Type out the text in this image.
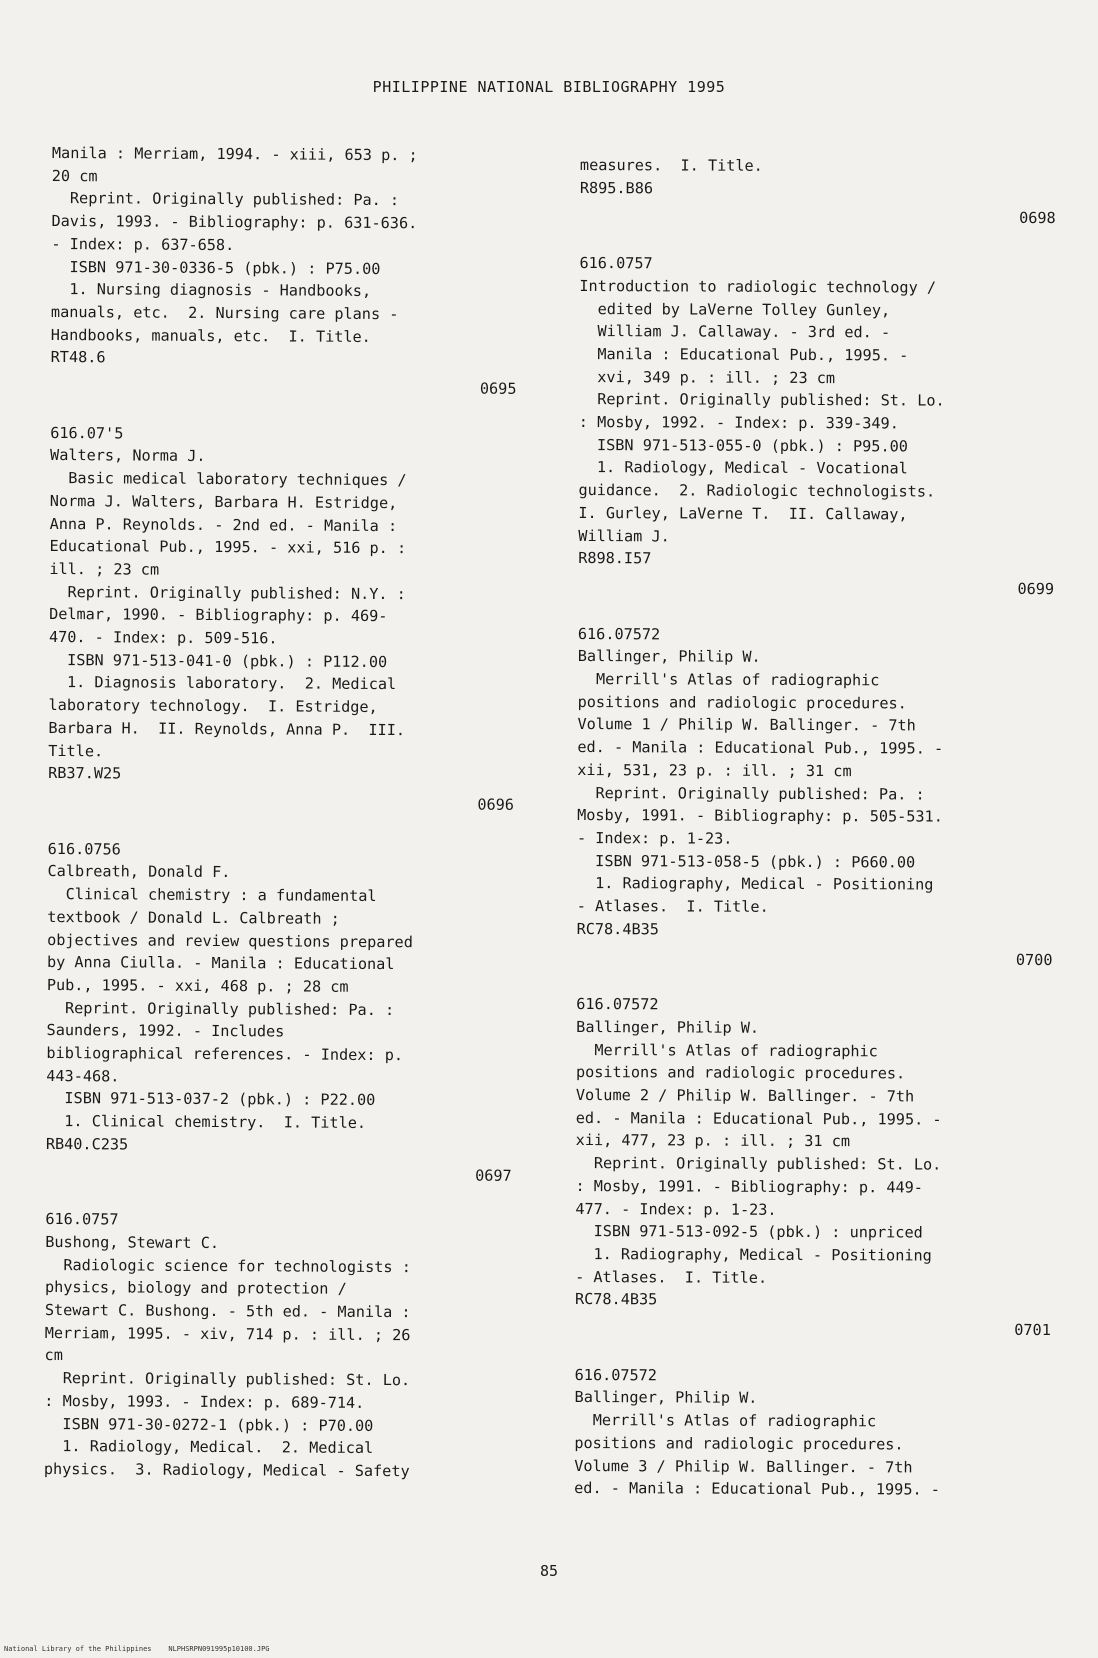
PHILIPPINE NATIONAL BIBLIOGRAPHY 1995
Manila : Merriam, 1994. - xiii, 653 p. ;
20 cm
Reprint. Originally published: Pa. :
Davis, 1993. - Bibliography: p. 631-636.
- Index: p. 637-658.
ISBN 971-30-0336-5 (pbk.) : P75.00
1. Nursing diagnosis - Handbooks,
manuals, etc.  2. Nursing care plans -
Handbooks, manuals, etc.  I. Title.
RT48.6
0695
616.07'5
Walters, Norma J.
Basic medical laboratory techniques /
Norma J. Walters, Barbara H. Estridge,
Anna P. Reynolds. - 2nd ed. - Manila :
Educational Pub., 1995. - xxi, 516 p. :
ill. ; 23 cm
Reprint. Originally published: N.Y. :
Delmar, 1990. - Bibliography: p. 469-
470. - Index: p. 509-516.
ISBN 971-513-041-0 (pbk.) : P112.00
1. Diagnosis laboratory.  2. Medical
laboratory technology.  I. Estridge,
Barbara H.  II. Reynolds, Anna P.  III.
Title.
RB37.W25
0696
616.0756
Calbreath, Donald F.
Clinical chemistry : a fundamental
textbook / Donald L. Calbreath ;
objectives and review questions prepared
by Anna Ciulla. - Manila : Educational
Pub., 1995. - xxi, 468 p. ; 28 cm
Reprint. Originally published: Pa. :
Saunders, 1992. - Includes
bibliographical references. - Index: p.
443-468.
ISBN 971-513-037-2 (pbk.) : P22.00
1. Clinical chemistry.  I. Title.
RB40.C235
0697
616.0757
Bushong, Stewart C.
Radiologic science for technologists :
physics, biology and protection /
Stewart C. Bushong. - 5th ed. - Manila :
Merriam, 1995. - xiv, 714 p. : ill. ; 26
cm
Reprint. Originally published: St. Lo.
: Mosby, 1993. - Index: p. 689-714.
ISBN 971-30-0272-1 (pbk.) : P70.00
1. Radiology, Medical.  2. Medical
physics.  3. Radiology, Medical - Safety
measures.  I. Title.
R895.B86
0698
616.0757
Introduction to radiologic technology /
edited by LaVerne Tolley Gunley,
William J. Callaway. - 3rd ed. -
Manila : Educational Pub., 1995. -
xvi, 349 p. : ill. ; 23 cm
Reprint. Originally published: St. Lo.
: Mosby, 1992. - Index: p. 339-349.
ISBN 971-513-055-0 (pbk.) : P95.00
1. Radiology, Medical - Vocational
guidance.  2. Radiologic technologists.
I. Gurley, LaVerne T.  II. Callaway,
William J.
R898.I57
0699
616.07572
Ballinger, Philip W.
Merrill's Atlas of radiographic
positions and radiologic procedures.
Volume 1 / Philip W. Ballinger. - 7th
ed. - Manila : Educational Pub., 1995. -
xii, 531, 23 p. : ill. ; 31 cm
Reprint. Originally published: Pa. :
Mosby, 1991. - Bibliography: p. 505-531.
- Index: p. 1-23.
ISBN 971-513-058-5 (pbk.) : P660.00
1. Radiography, Medical - Positioning
- Atlases.  I. Title.
RC78.4B35
0700
616.07572
Ballinger, Philip W.
Merrill's Atlas of radiographic
positions and radiologic procedures.
Volume 2 / Philip W. Ballinger. - 7th
ed. - Manila : Educational Pub., 1995. -
xii, 477, 23 p. : ill. ; 31 cm
Reprint. Originally published: St. Lo.
: Mosby, 1991. - Bibliography: p. 449-
477. - Index: p. 1-23.
ISBN 971-513-092-5 (pbk.) : unpriced
1. Radiography, Medical - Positioning
- Atlases.  I. Title.
RC78.4B35
0701
616.07572
Ballinger, Philip W.
Merrill's Atlas of radiographic
positions and radiologic procedures.
Volume 3 / Philip W. Ballinger. - 7th
ed. - Manila : Educational Pub., 1995. -
85
National Library of the Philippines    NLPHSRPN091995p10100.JPG
